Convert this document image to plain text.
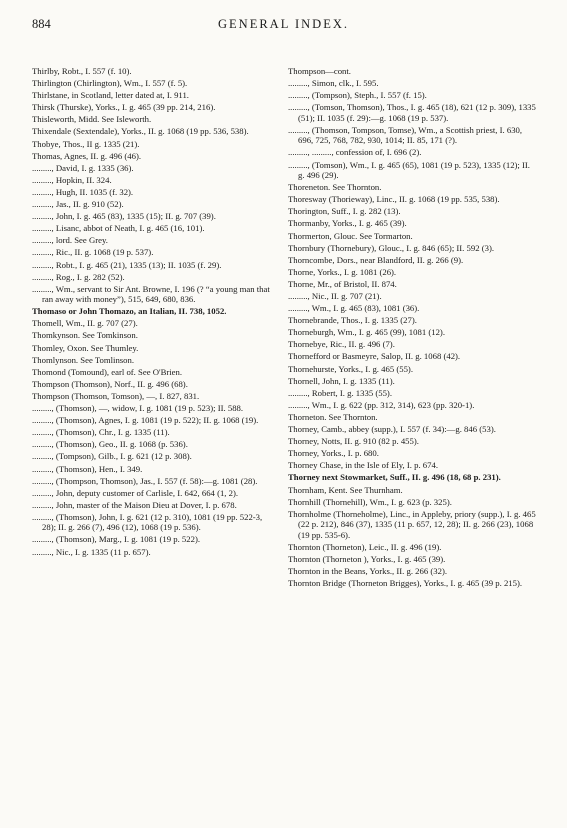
884	GENERAL INDEX.
Thirlby, Robt., I. 557 (f. 10).
Thirlington (Chirlington), Wm., I. 557 (f. 5).
Thirlstane, in Scotland, letter dated at, I. 911.
Thirsk (Thurske), Yorks., I. g. 465 (39 pp. 214, 216).
Thisleworth, Midd. See Isleworth.
Thixendale (Sextendale), Yorks., II. g. 1068 (19 pp. 536, 538).
Thobye, Thos., II g. 1335 (21).
Thomas, Agnes, II. g. 496 (46).
........., David, I. g. 1335 (36).
........., Hopkin, II. 324.
........., Hugh, II. 1035 (f. 32).
........., Jas., II. g. 910 (52).
........., John, I. g. 465 (83), 1335 (15); II. g. 707 (39).
........., Lisanc, abbot of Neath, I. g. 465 (16, 101).
........., lord. See Grey.
........., Ric., II. g. 1068 (19 p. 537).
........., Robt., I. g. 465 (21), 1335 (13); II. 1035 (f. 29).
........., Rog., I. g. 282 (52).
........., Wm., servant to Sir Ant. Browne, I. 196 (? “a young man that ran away with money”), 515, 649, 680, 836.
Thomaso or John Thomazo, an Italian, II. 738, 1052.
Thomell, Wm., II. g. 707 (27).
Thomkynson. See Tomkinson.
Thomley, Oxon. See Thumley.
Thomlynson. See Tomlinson.
Thomond (Tomound), earl of. See O'Brien.
Thompson (Thomson), Norf., II. g. 496 (68).
Thompson (Thomson, Tomson), —, I. 827, 831.
........., (Thomson), —, widow, I. g. 1081 (19 p. 523); II. 588.
........., (Thomson), Agnes, I. g. 1081 (19 p. 522); II. g. 1068 (19).
........., (Thomson), Chr., I. g. 1335 (11).
........., (Thomson), Geo., II. g. 1068 (p. 536).
........., (Tompson), Gilb., I. g. 621 (12 p. 308).
........., (Thomson), Hen., I. 349.
........., (Thompson, Thomson), Jas., I. 557 (f. 58):—g. 1081 (28).
........., John, deputy customer of Carlisle, I. 642, 664 (1, 2).
........., John, master of the Maison Dieu at Dover, I. p. 678.
........., (Thomson), John, I. g. 621 (12 p. 310), 1081 (19 pp. 522-3, 28); II. g. 266 (7), 496 (12), 1068 (19 p. 536).
........., (Thomson), Marg., I. g. 1081 (19 p. 522).
........., Nic., I. g. 1335 (11 p. 657).
Thompson—cont.
........., Simon, clk., I. 595.
........., (Tompson), Steph., I. 557 (f. 15).
........., (Tomson, Thomson), Thos., I. g. 465 (18), 621 (12 p. 309), 1335 (51); II. 1035 (f. 29):—g. 1068 (19 p. 537).
........., (Thomson, Tompson, Tomse), Wm., a Scottish priest, I. 630, 696, 725, 768, 782, 930, 1014; II. 85, 171 (?).
........., ........., confession of, I. 696 (2).
........., (Tomson), Wm., I. g. 465 (65), 1081 (19 p. 523), 1335 (12); II. g. 496 (29).
Thoreneton. See Thornton.
Thoresway (Thorieway), Linc., II. g. 1068 (19 pp. 535, 538).
Thorington, Suff., I. g. 282 (13).
Thormanby, Yorks., I. g. 465 (39).
Thormerton, Glouc. See Tormarton.
Thornbury (Thornebury), Glouc., I. g. 846 (65); II. 592 (3).
Thorncombe, Dors., near Blandford, II. g. 266 (9).
Thorne, Yorks., I. g. 1081 (26).
Thorne, Mr., of Bristol, II. 874.
........., Nic., II. g. 707 (21).
........., Wm., I. g. 465 (83), 1081 (36).
Thornebrande, Thos., I. g. 1335 (27).
Thorneburgh, Wm., I. g. 465 (99), 1081 (12).
Thornebye, Ric., II. g. 496 (7).
Thornefford or Basmeyre, Salop, II. g. 1068 (42).
Thornehurste, Yorks., I. g. 465 (55).
Thornell, John, I. g. 1335 (11).
........., Robert, I. g. 1335 (55).
........., Wm., I. g. 622 (pp. 312, 314), 623 (pp. 320-1).
Thorneton. See Thornton.
Thorney, Camb., abbey (supp.), I. 557 (f. 34):—g. 846 (53).
Thorney, Notts, II. g. 910 (82 p. 455).
Thorney, Yorks., I. p. 680.
Thorney Chase, in the Isle of Ely, I. p. 674.
Thorney next Stowmarket, Suff., II. g. 496 (18, 68 p. 231).
Thornham, Kent. See Thurnham.
Thornhill (Thornehill), Wm., I. g. 623 (p. 325).
Thornholme (Thorneholme), Linc., in Appleby, priory (supp.), I. g. 465 (22 p. 212), 846 (37), 1335 (11 p. 657, 12, 28); II. g. 266 (23), 1068 (19 pp. 535-6).
Thornton (Thorneton), Leic., II. g. 496 (19).
Thornton (Thorneton ), Yorks., I. g. 465 (39).
Thornton in the Beans, Yorks., II. g. 266 (32).
Thornton Bridge (Thorneton Brigges), Yorks., I. g. 465 (39 p. 215).
